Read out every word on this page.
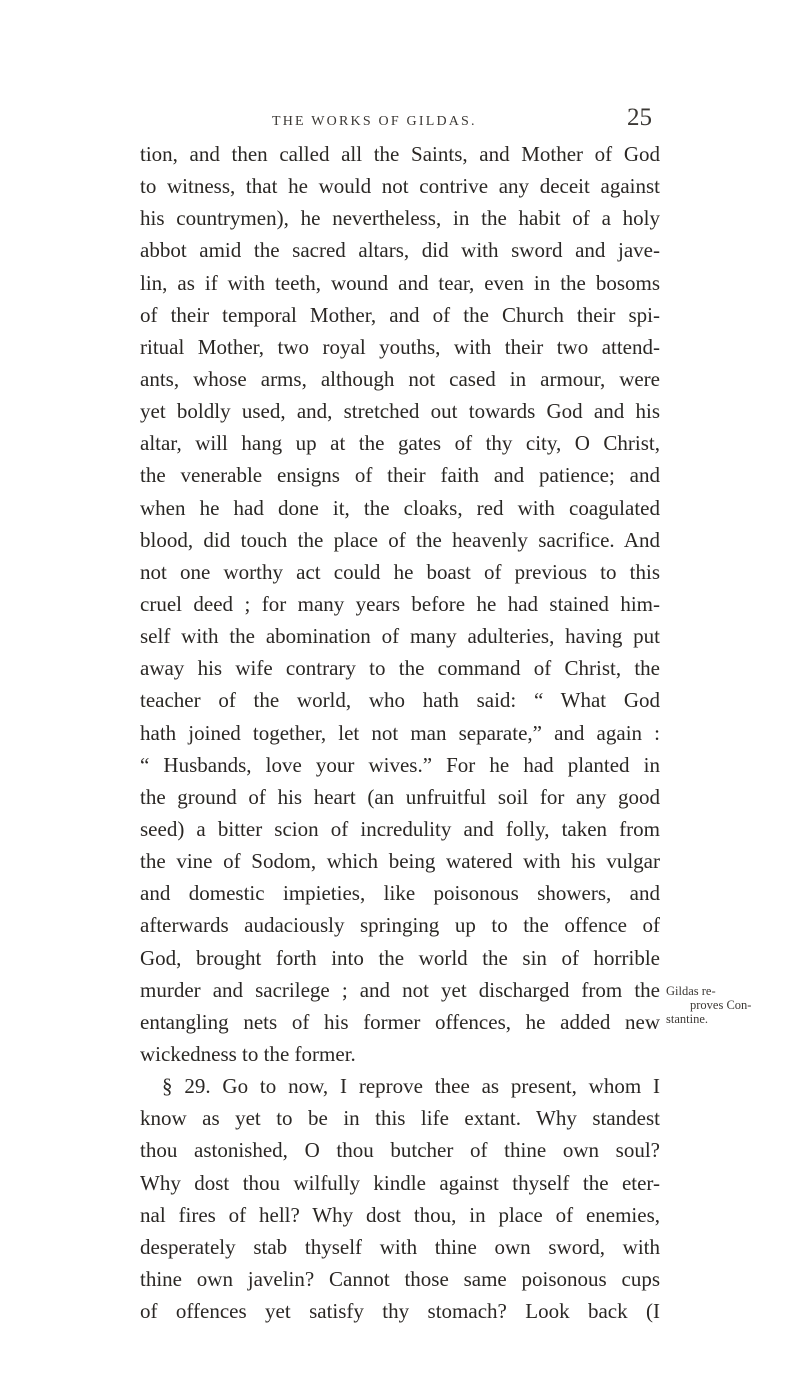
THE WORKS OF GILDAS.	25
tion, and then called all the Saints, and Mother of God
to witness, that he would not contrive any deceit against
his countrymen), he nevertheless, in the habit of a holy
abbot amid the sacred altars, did with sword and jave-
lin, as if with teeth, wound and tear, even in the bosoms
of their temporal Mother, and of the Church their spi-
ritual Mother, two royal youths, with their two attend-
ants, whose arms, although not cased in armour, were
yet boldly used, and, stretched out towards God and his
altar, will hang up at the gates of thy city, O Christ,
the venerable ensigns of their faith and patience; and
when he had done it, the cloaks, red with coagulated
blood, did touch the place of the heavenly sacrifice. And
not one worthy act could he boast of previous to this
cruel deed ; for many years before he had stained him-
self with the abomination of many adulteries, having put
away his wife contrary to the command of Christ, the
teacher of the world, who hath said: “ What God
hath joined together, let not man separate,” and again :
“ Husbands, love your wives.” For he had planted in
the ground of his heart (an unfruitful soil for any good
seed) a bitter scion of incredulity and folly, taken from
the vine of Sodom, which being watered with his vulgar
and domestic impieties, like poisonous showers, and
afterwards audaciously springing up to the offence of
God, brought forth into the world the sin of horrible
murder and sacrilege ; and not yet discharged from the
entangling nets of his former offences, he added new
wickedness to the former.
§ 29. Go to now, I reprove thee as present, whom I
know as yet to be in this life extant. Why standest
thou astonished, O thou butcher of thine own soul?
Why dost thou wilfully kindle against thyself the eter-
nal fires of hell? Why dost thou, in place of enemies,
desperately stab thyself with thine own sword, with
thine own javelin? Cannot those same poisonous cups
of offences yet satisfy thy stomach? Look back (I
Gildas re-
proves Con-
stantine.
